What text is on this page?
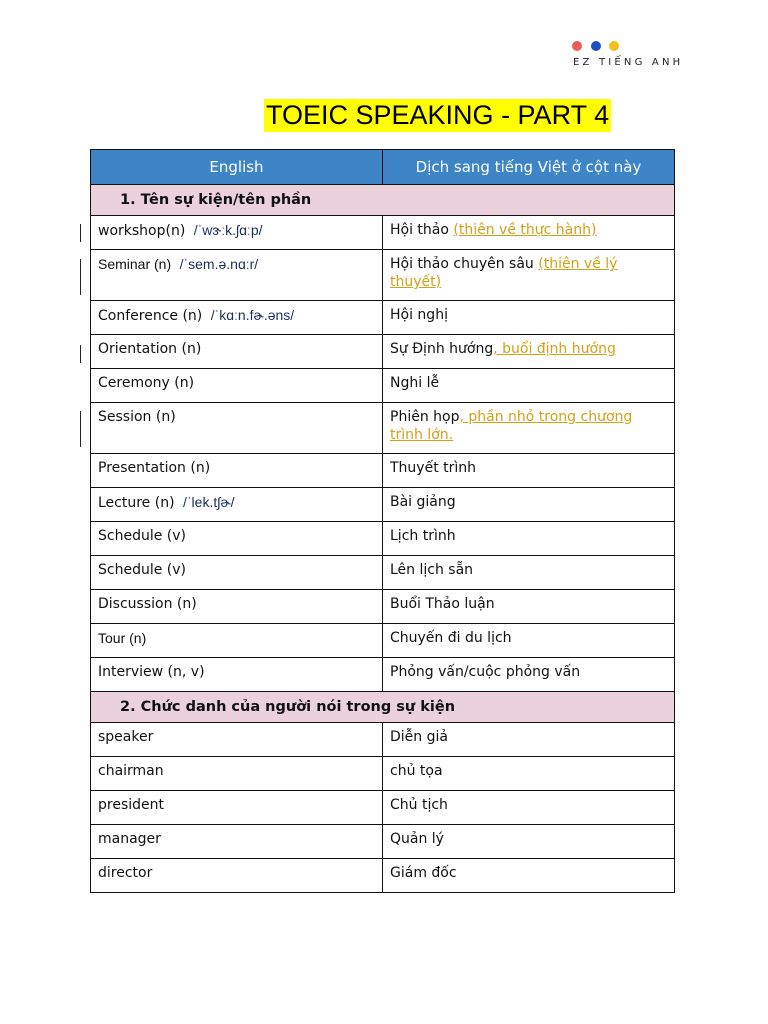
EZ TIẾNG ANH
TOEIC SPEAKING - PART 4
English	Dịch sang tiếng Việt ở cột này
1. Tên sự kiện/tên phần	
workshop(n) /ˈwɝːk.ʃɑːp/	Hội thảo (thiên về thực hành)
Seminar (n) /ˈsem.ə.nɑːr/	Hội thảo chuyên sâu (thiên về lý thuyết)
Conference (n) /ˈkɑːn.fɚ.əns/	Hội nghị
Orientation (n)	Sự Định hướng, buổi định hướng
Ceremony (n)	Nghi lễ
Session (n)	Phiên họp, phần nhỏ trong chương trình lớn.
Presentation (n)	Thuyết trình
Lecture (n) /ˈlek.tʃɚ/	Bài giảng
Schedule (v)	Lịch trình
Schedule (v)	Lên lịch sẵn
Discussion (n)	Buổi Thảo luận
Tour (n)	Chuyến đi du lịch
Interview (n, v)	Phỏng vấn/cuộc phỏng vấn
2. Chức danh của người nói trong sự kiện	
speaker	Diễn giả
chairman	chủ tọa
president	Chủ tịch
manager	Quản lý
director	Giám đốc
